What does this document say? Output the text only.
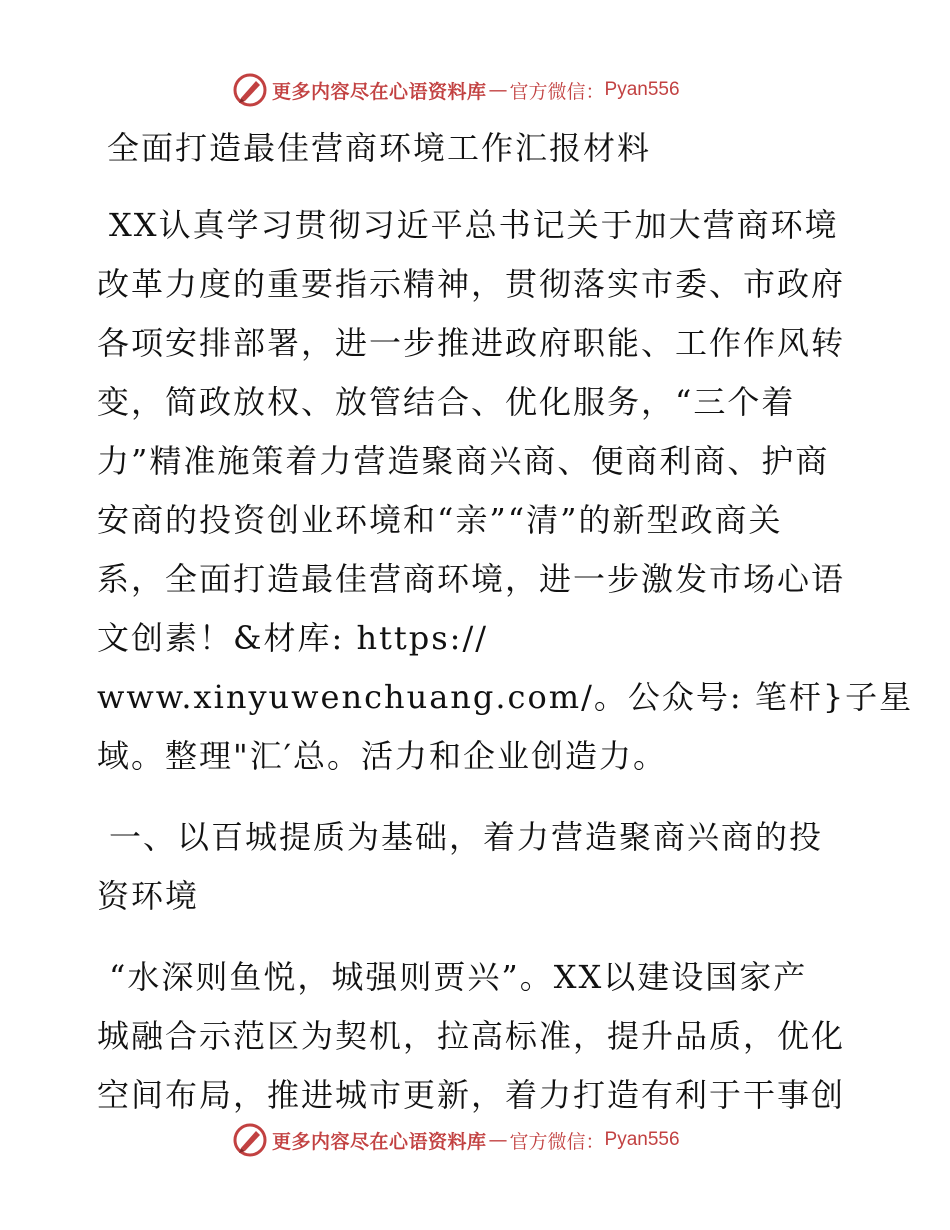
更多内容尽在心语资料库 — 官方微信： Pyan556
全面打造最佳营商环境工作汇报材料
XX认真学习贯彻习近平总书记关于加大营商环境
改革力度的重要指示精神，贯彻落实市委、市政府
各项安排部署，进一步推进政府职能、工作作风转
变，简政放权、放管结合、优化服务，“三个着
力”精准施策着力营造聚商兴商、便商利商、护商
安商的投资创业环境和“亲”“清”的新型政商关
系，全面打造最佳营商环境，进一步激发市场心语
文创素！&材库: https://
www.xinyuwenchuang.com/。公众号: 笔杆}子星
域。整理"汇′总。活力和企业创造力。
一、以百城提质为基础，着力营造聚商兴商的投
资环境
“水深则鱼悦，城强则贾兴”。XX以建设国家产
城融合示范区为契机，拉高标准，提升品质，优化
空间布局，推进城市更新，着力打造有利于干事创
更多内容尽在心语资料库 — 官方微信： Pyan556
